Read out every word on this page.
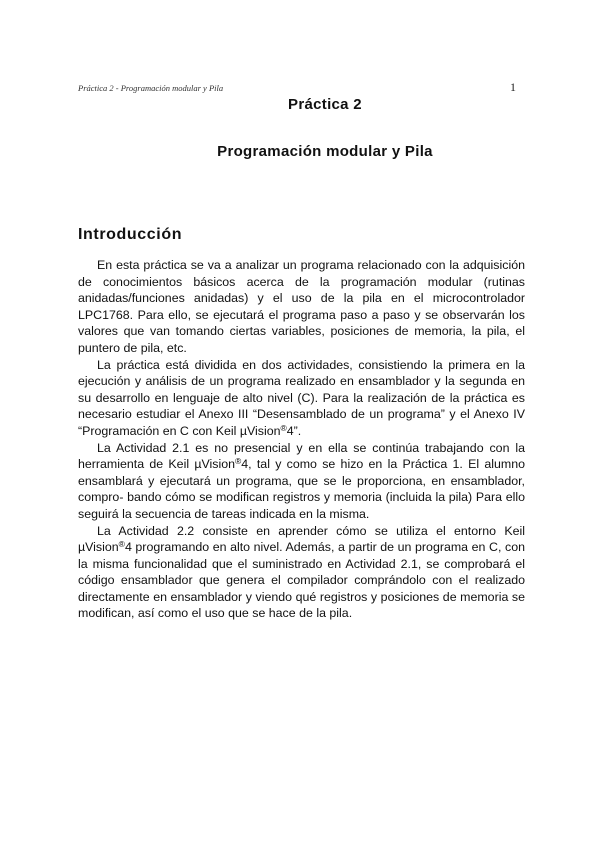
Práctica 2 - Programación modular y Pila	1
Práctica 2
Programación modular y Pila
Introducción

En esta práctica se va a analizar un programa relacionado con la adquisición de conocimientos básicos acerca de la programación modular (rutinas anidadas/funciones anidadas) y el uso de la pila en el microcontrolador LPC1768. Para ello, se ejecutará el programa paso a paso y se observarán los valores que van tomando ciertas variables, posiciones de memoria, la pila, el puntero de pila, etc.

La práctica está dividida en dos actividades, consistiendo la primera en la ejecución y análisis de un programa realizado en ensamblador y la segunda en su desarrollo en lenguaje de alto nivel (C). Para la realización de la práctica es necesario estudiar el Anexo III “Desensamblado de un programa” y el Anexo IV “Programación en C con Keil µVision®4”.

La Actividad 2.1 es no presencial y en ella se continúa trabajando con la herramienta de Keil µVision®4, tal y como se hizo en la Práctica 1. El alumno ensamblará y ejecutará un programa, que se le proporciona, en ensamblador, compro- bando cómo se modifican registros y memoria (incluida la pila) Para ello seguirá la secuencia de tareas indicada en la misma.

La Actividad 2.2 consiste en aprender cómo se utiliza el entorno Keil µVision®4 programando en alto nivel. Además, a partir de un programa en C, con la misma funcionalidad que el suministrado en Actividad 2.1, se comprobará el código ensamblador que genera el compilador comprándolo con el realizado directamente en ensamblador y viendo qué registros y posiciones de memoria se modifican, así como el uso que se hace de la pila.
